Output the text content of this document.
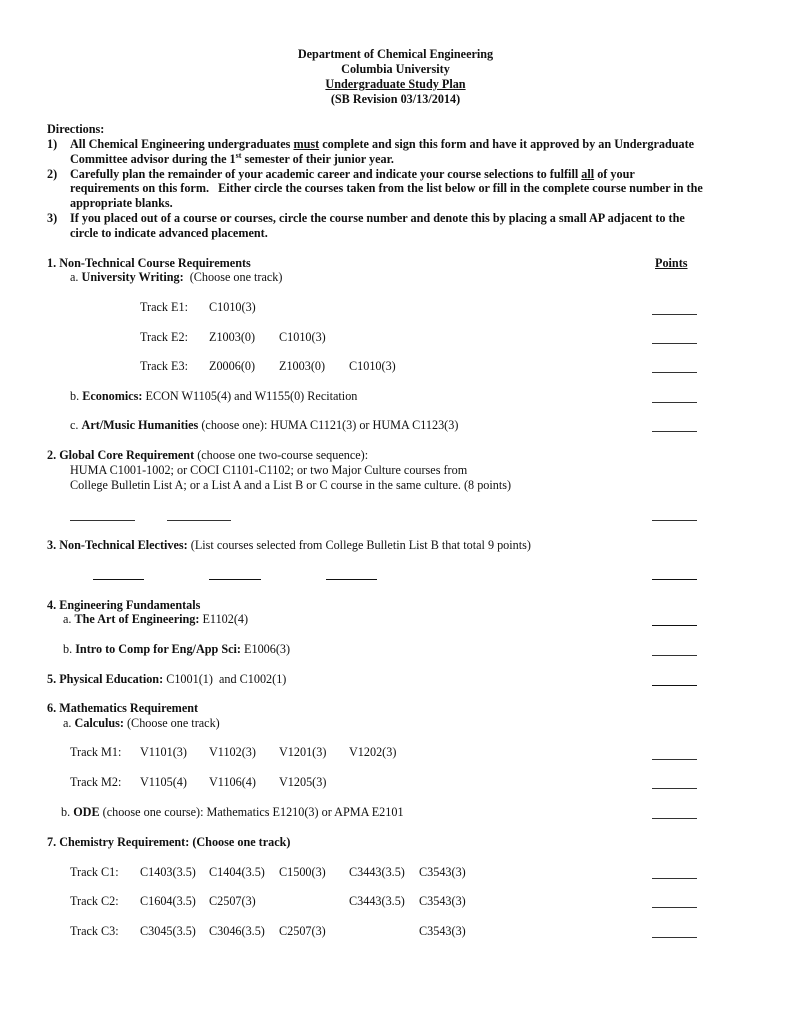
Department of Chemical Engineering
Columbia University
Undergraduate Study Plan
(SB Revision 03/13/2014)
Directions:
1) All Chemical Engineering undergraduates must complete and sign this form and have it approved by an Undergraduate
Committee advisor during the 1st semester of their junior year.
2) Carefully plan the remainder of your academic career and indicate your course selections to fulfill all of your
requirements on this form.   Either circle the courses taken from the list below or fill in the complete course number in the
appropriate blanks.
3) If you placed out of a course or courses, circle the course number and denote this by placing a small AP adjacent to the
circle to indicate advanced placement.
1. Non-Technical Course Requirements	Points
a. University Writing:  (Choose one track)
Track E1: C1010(3)
Track E2: Z1003(0) C1010(3)
Track E3: Z0006(0) Z1003(0) C1010(3)
b. Economics: ECON W1105(4) and W1155(0) Recitation
c. Art/Music Humanities (choose one): HUMA C1121(3) or HUMA C1123(3)
2. Global Core Requirement (choose one two-course sequence):
HUMA C1001-1002; or COCI C1101-C1102; or two Major Culture courses from
College Bulletin List A; or a List A and a List B or C course in the same culture. (8 points)
3. Non-Technical Electives: (List courses selected from College Bulletin List B that total 9 points)
4. Engineering Fundamentals
a. The Art of Engineering: E1102(4)
b. Intro to Comp for Eng/App Sci: E1006(3)
5. Physical Education: C1001(1)  and C1002(1)
6. Mathematics Requirement
a. Calculus: (Choose one track)
Track M1: V1101(3) V1102(3) V1201(3) V1202(3)
Track M2: V1105(4) V1106(4) V1205(3)
b. ODE (choose one course): Mathematics E1210(3) or APMA E2101
7. Chemistry Requirement: (Choose one track)
Track C1: C1403(3.5) C1404(3.5) C1500(3) C3443(3.5) C3543(3)
Track C2: C1604(3.5) C2507(3)	C3443(3.5) C3543(3)
Track C3: C3045(3.5) C3046(3.5) C2507(3)	C3543(3)
